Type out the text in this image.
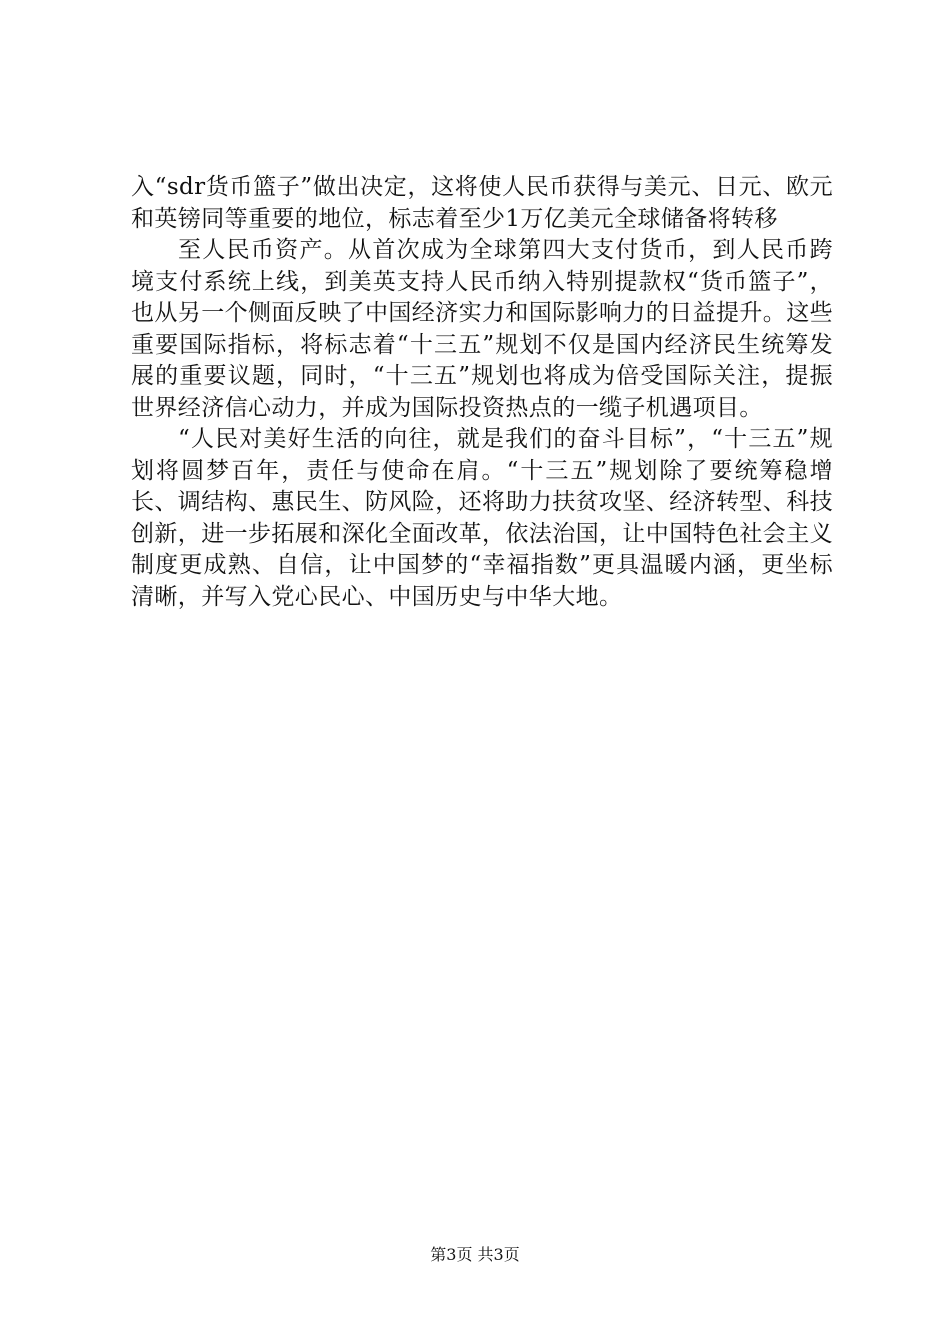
入“sdr货币篮子”做出决定，这将使人民币获得与美元、日元、欧元和英镑同等重要的地位，标志着至少1万亿美元全球储备将转移

至人民币资产。从首次成为全球第四大支付货币，到人民币跨境支付系统上线，到美英支持人民币纳入特别提款权“货币篮子”，也从另一个侧面反映了中国经济实力和国际影响力的日益提升。这些重要国际指标，将标志着“十三五”规划不仅是国内经济民生统筹发展的重要议题，同时，“十三五”规划也将成为倍受国际关注，提振世界经济信心动力，并成为国际投资热点的一缆子机遇项目。

“人民对美好生活的向往，就是我们的奋斗目标”，“十三五”规划将圆梦百年，责任与使命在肩。“十三五”规划除了要统筹稳增长、调结构、惠民生、防风险，还将助力扶贫攻坚、经济转型、科技创新，进一步拓展和深化全面改革，依法治国，让中国特色社会主义制度更成熟、自信，让中国梦的“幸福指数”更具温暖内涵，更坐标清晰，并写入党心民心、中国历史与中华大地。

第3页 共3页
